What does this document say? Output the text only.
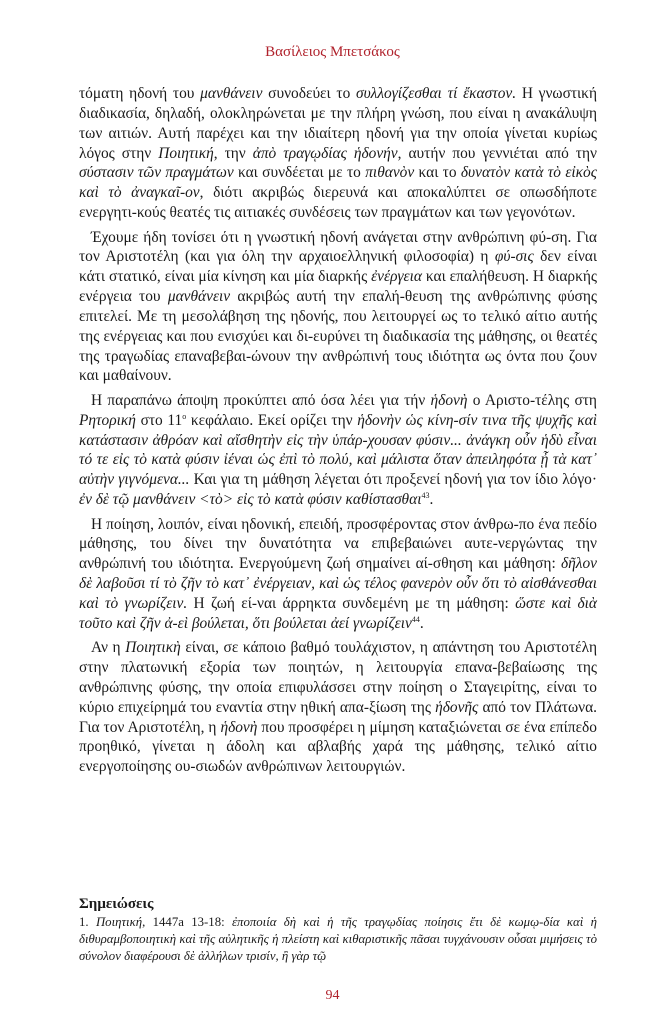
Βασίλειος Μπετσάκος

τόματη ηδονή του μανθάνειν συνοδεύει το συλλογίζεσθαι τί ἔκαστον. Η γνωστική διαδικασία, δηλαδή, ολοκληρώνεται με την πλήρη γνώση, που είναι η ανακάλυψη των αιτιών. Αυτή παρέχει και την ιδιαίτερη ηδονή για την οποία γίνεται κυρίως λόγος στην Ποιητική, την ἀπὸ τραγῳδίας ἡδονήν, αυτήν που γεννιέται από την σύστασιν τῶν πραγμάτων και συνδέεται με το πιθανὸν και το δυνατὸν κατὰ τὸ εἰκὸς καὶ τὸ ἀναγκαῖ-ον, διότι ακριβώς διερευνά και αποκαλύπτει σε οπωσδήποτε ενεργητι-κούς θεατές τις αιτιακές συνδέσεις των πραγμάτων και των γεγονότων.

Έχουμε ήδη τονίσει ότι η γνωστική ηδονή ανάγεται στην ανθρώπινη φύ-ση. Για τον Αριστοτέλη (και για όλη την αρχαιοελληνική φιλοσοφία) η φύ-σις δεν είναι κάτι στατικό, είναι μία κίνηση και μία διαρκής ἐνέργεια και επαλήθευση. Η διαρκής ενέργεια του μανθάνειν ακριβώς αυτή την επαλή-θευση της ανθρώπινης φύσης επιτελεί. Με τη μεσολάβηση της ηδονής, που λειτουργεί ως το τελικό αίτιο αυτής της ενέργειας και που ενισχύει και δι-ευρύνει τη διαδικασία της μάθησης, οι θεατές της τραγωδίας επαναβεβαι-ώνουν την ανθρώπινή τους ιδιότητα ως όντα που ζουν και μαθαίνουν.

Η παραπάνω άποψη προκύπτει από όσα λέει για τήν ἡδονὴ ο Αριστο-τέλης στη Ρητορική στο $11^o$ κεφάλαιο. Εκεί ορίζει την ἡδονὴν ὡς κίνη-σίν τινα τῆς ψυχῆς καὶ κατάστασιν ἀθρόαν καὶ αἴσθητὴν εἰς τὴν ὑπάρ-χουσαν φύσιν... ἀνάγκη οὖν ἡδὺ εἶναι τό τε εἰς τὸ κατὰ φύσιν ἰέναι ὡς ἐπὶ τὸ πολύ, καὶ μάλιστα ὅταν ἀπειληφότα ᾖ τὰ κατ᾽ αὐτὴν γιγνόμενα... Και για τη μάθηση λέγεται ότι προξενεί ηδονή για τον ίδιο λόγο· ἐν δὲ τῷ μανθάνειν <τὸ> εἰς τὸ κατὰ φύσιν καθίστασθαι$^{43}$.

Η ποίηση, λοιπόν, είναι ηδονική, επειδή, προσφέροντας στον άνθρω-πο ένα πεδίο μάθησης, του δίνει την δυνατότητα να επιβεβαιώνει αυτε-νεργώντας την ανθρώπινή του ιδιότητα. Ενεργούμενη ζωή σημαίνει αί-σθηση και μάθηση: δῆλον δὲ λαβοῦσι τί τὸ ζῆν τὸ κατ᾽ ἐνέργειαν, καὶ ὡς τέλος φανερὸν οὖν ὅτι τὸ αἰσθάνεσθαι καὶ τὸ γνωρίζειν. Η ζωή εί-ναι άρρηκτα συνδεμένη με τη μάθηση: ὥστε καὶ διὰ τοῦτο καὶ ζῆν ἀ-εὶ βούλεται, ὅτι βούλεται ἀεί γνωρίζειν$^{44}$.

Αν η Ποιητικὴ είναι, σε κάποιο βαθμό τουλάχιστον, η απάντηση του Αριστοτέλη στην πλατωνική εξορία των ποιητών, η λειτουργία επανα-βεβαίωσης της ανθρώπινης φύσης, την οποία επιφυλάσσει στην ποίηση ο Σταγειρίτης, είναι το κύριο επιχείρημά του εναντία στην ηθική απα-ξίωση της ἡδονῆς από τον Πλάτωνα. Για τον Αριστοτέλη, η ἡδονὴ που προσφέρει η μίμηση καταξιώνεται σε ένα επίπεδο προηθικό, γίνεται η άδολη και αβλαβής χαρά της μάθησης, τελικό αίτιο ενεργοποίησης ου-σιωδών ανθρώπινων λειτουργιών.

Σημειώσεις
1. Ποιητική, 1447a 13-18: ἐποποιία δὴ καὶ ἡ τῆς τραγῳδίας ποίησις ἔτι δὲ κωμῳ-δία καὶ ἡ διθυραμβοποιητικὴ καὶ τῆς αὐλητικῆς ἡ πλείστη καὶ κιθαριστικῆς πᾶσαι τυγχάνουσιν οὖσαι μιμήσεις τὸ σύνολον διαφέρουσι δὲ ἀλλήλων τρισίν, ἢ γὰρ τῷ
94
